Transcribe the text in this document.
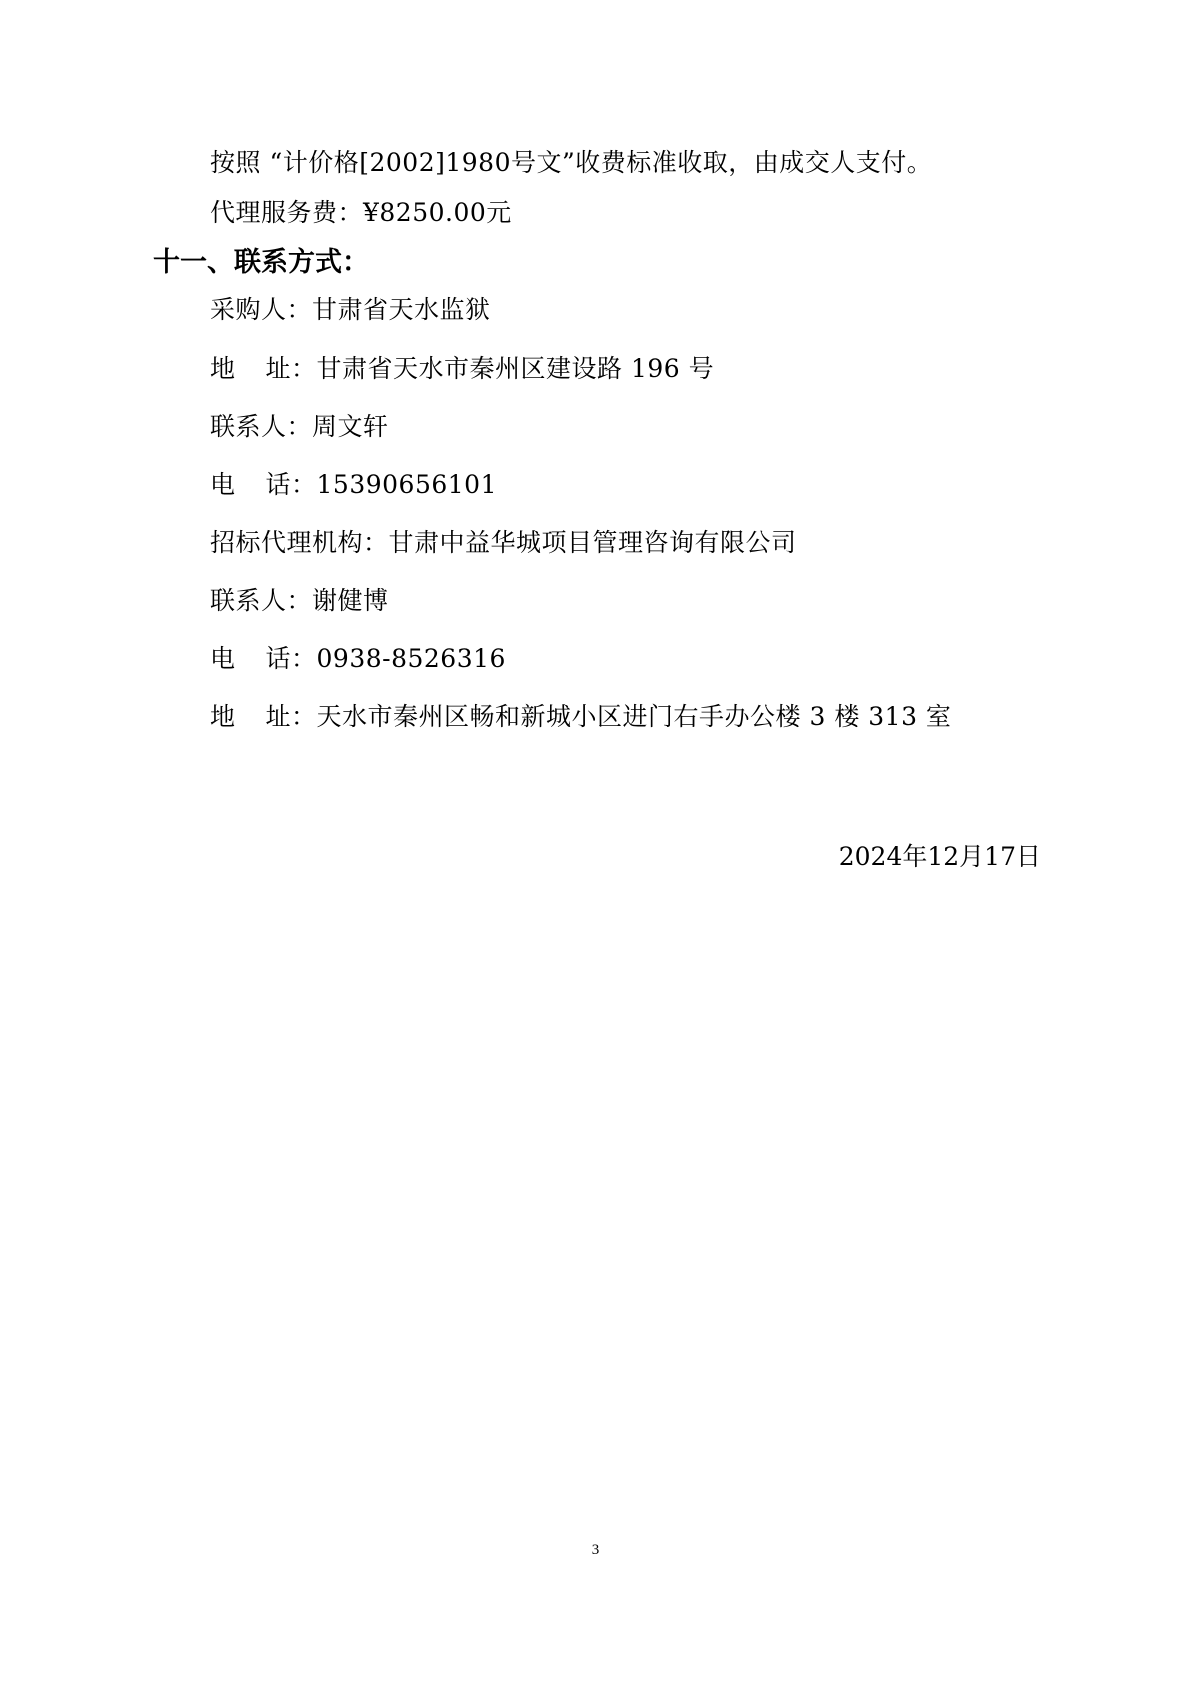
按照 “计价格[2002]1980号文”收费标准收取，由成交人支付。
代理服务费：¥8250.00元
十一、联系方式：
采购人：甘肃省天水监狱
地 址：甘肃省天水市秦州区建设路 196 号
联系人：周文轩
电 话：15390656101
招标代理机构：甘肃中益华城项目管理咨询有限公司
联系人：谢健博
电 话：0938-8526316
地 址：天水市秦州区畅和新城小区进门右手办公楼 3 楼 313 室
2024年12月17日
3
